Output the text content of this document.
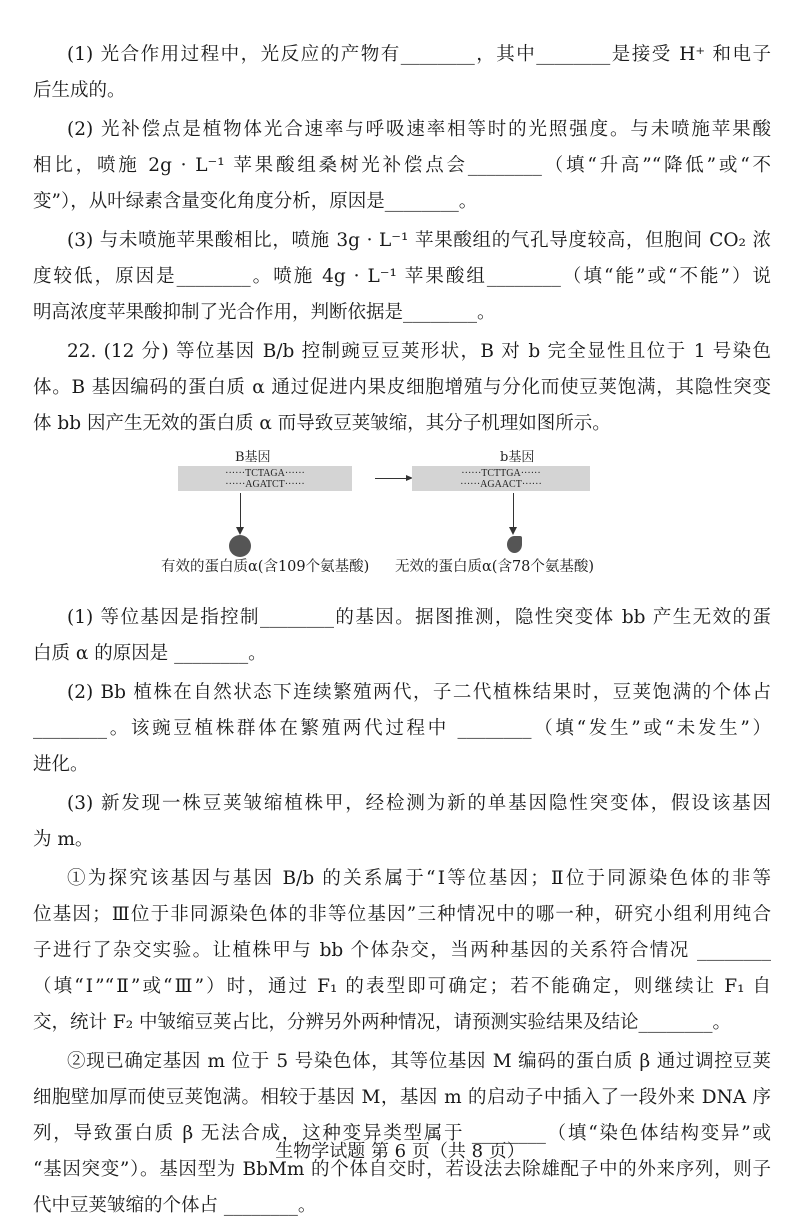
(1) 光合作用过程中，光反应的产物有________，其中________是接受 H⁺ 和电子
后生成的。
(2) 光补偿点是植物体光合速率与呼吸速率相等时的光照强度。与未喷施苹果酸
相比，喷施 2g · L⁻¹ 苹果酸组桑树光补偿点会________（填“升高”“降低”或“不
变”），从叶绿素含量变化角度分析，原因是________。
(3) 与未喷施苹果酸相比，喷施 3g · L⁻¹ 苹果酸组的气孔导度较高，但胞间 CO₂ 浓
度较低，原因是________。喷施 4g · L⁻¹ 苹果酸组________（填“能”或“不能”）说
明高浓度苹果酸抑制了光合作用，判断依据是________。
22. (12 分) 等位基因 B/b 控制豌豆豆荚形状，B 对 b 完全显性且位于 1 号染色
体。B 基因编码的蛋白质 α 通过促进内果皮细胞增殖与分化而使豆荚饱满，其隐性突变
体 bb 因产生无效的蛋白质 α 而导致豆荚皱缩，其分子机理如图所示。
B基因
······TCTAGA······
······AGATCT······
b基因
······TCTTGA······
······AGAACT······
有效的蛋白质α(含109个氨基酸) 无效的蛋白质α(含78个氨基酸)
(1) 等位基因是指控制________的基因。据图推测，隐性突变体 bb 产生无效的蛋
白质 α 的原因是 ________。
(2) Bb 植株在自然状态下连续繁殖两代，子二代植株结果时，豆荚饱满的个体占
________。该豌豆植株群体在繁殖两代过程中 ________（填“发生”或“未发生”）
进化。
(3) 新发现一株豆荚皱缩植株甲，经检测为新的单基因隐性突变体，假设该基因
为 m。
①为探究该基因与基因 B/b 的关系属于“Ⅰ等位基因；Ⅱ位于同源染色体的非等
位基因；Ⅲ位于非同源染色体的非等位基因”三种情况中的哪一种，研究小组利用纯合
子进行了杂交实验。让植株甲与 bb 个体杂交，当两种基因的关系符合情况 ________
（填“Ⅰ”“Ⅱ”或“Ⅲ”）时，通过 F₁ 的表型即可确定；若不能确定，则继续让 F₁ 自
交，统计 F₂ 中皱缩豆荚占比，分辨另外两种情况，请预测实验结果及结论________。
②现已确定基因 m 位于 5 号染色体，其等位基因 M 编码的蛋白质 β 通过调控豆荚
细胞壁加厚而使豆荚饱满。相较于基因 M，基因 m 的启动子中插入了一段外来 DNA 序
列，导致蛋白质 β 无法合成，这种变异类型属于 ________（填“染色体结构变异”或
“基因突变”）。基因型为 BbMm 的个体自交时，若设法去除雄配子中的外来序列，则子
代中豆荚皱缩的个体占 ________。
生物学试题 第 6 页（共 8 页）
